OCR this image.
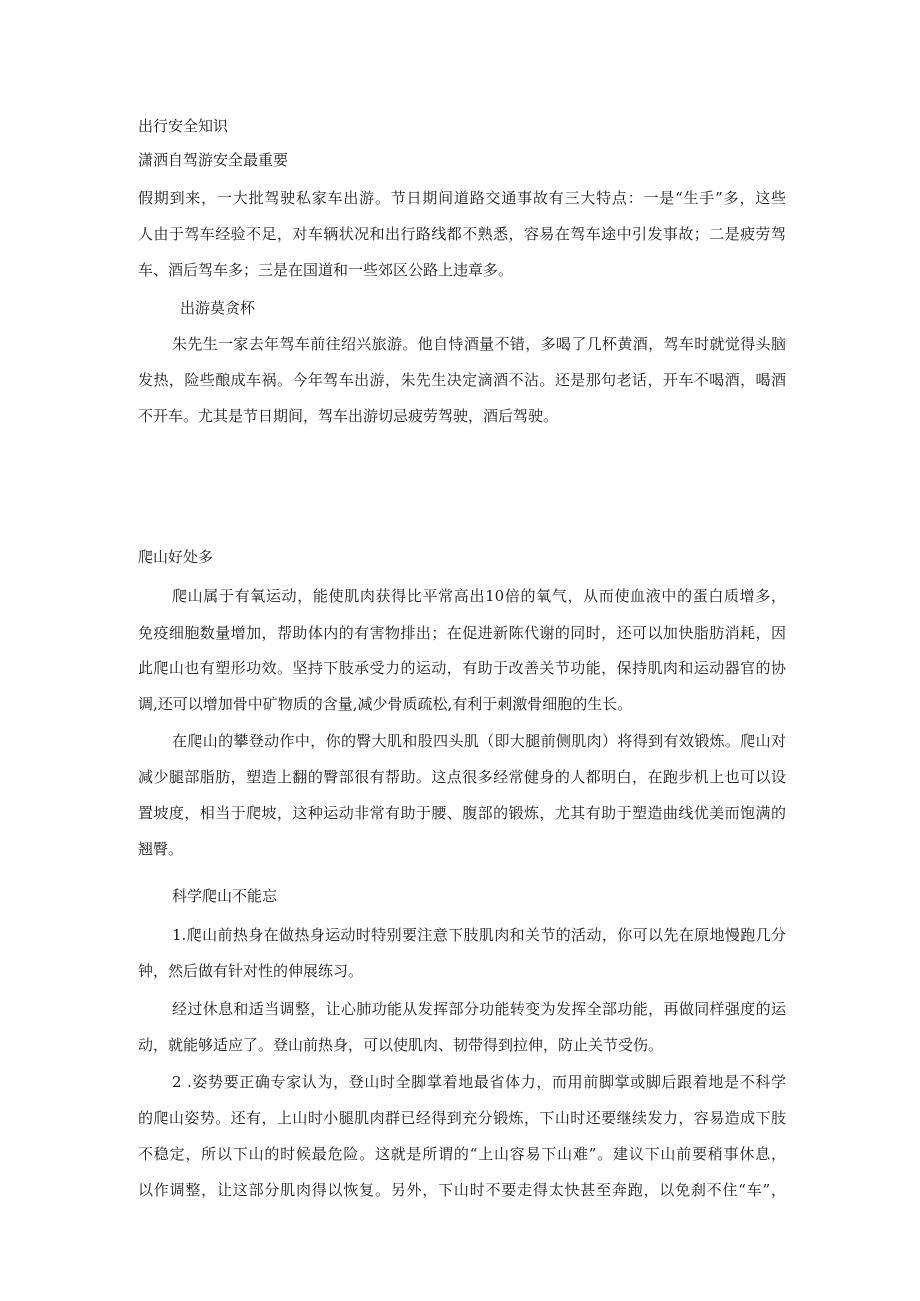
出行安全知识
潇洒自驾游安全最重要
假期到来，一大批驾驶私家车出游。节日期间道路交通事故有三大特点：一是“生手”多，这些
人由于驾车经验不足，对车辆状况和出行路线都不熟悉，容易在驾车途中引发事故；二是疲劳驾
车、酒后驾车多；三是在国道和一些郊区公路上违章多。
出游莫贪杯
朱先生一家去年驾车前往绍兴旅游。他自恃酒量不错，多喝了几杯黄酒，驾车时就觉得头脑
发热，险些酿成车祸。今年驾车出游，朱先生决定滴酒不沾。还是那句老话，开车不喝酒，喝酒
不开车。尤其是节日期间，驾车出游切忌疲劳驾驶，酒后驾驶。
爬山好处多
爬山属于有氧运动，能使肌肉获得比平常高出10倍的氧气，从而使血液中的蛋白质增多，
免疫细胞数量增加，帮助体内的有害物排出；在促进新陈代谢的同时，还可以加快脂肪消耗，因
此爬山也有塑形功效。坚持下肢承受力的运动，有助于改善关节功能，保持肌肉和运动器官的协
调,还可以增加骨中矿物质的含量,减少骨质疏松,有利于刺激骨细胞的生长。
在爬山的攀登动作中，你的臀大肌和股四头肌（即大腿前侧肌肉）将得到有效锻炼。爬山对
减少腿部脂肪，塑造上翻的臀部很有帮助。这点很多经常健身的人都明白，在跑步机上也可以设
置坡度，相当于爬坡，这种运动非常有助于腰、腹部的锻炼，尤其有助于塑造曲线优美而饱满的
翘臀。
科学爬山不能忘
1.爬山前热身在做热身运动时特别要注意下肢肌肉和关节的活动，你可以先在原地慢跑几分
钟，然后做有针对性的伸展练习。
经过休息和适当调整，让心肺功能从发挥部分功能转变为发挥全部功能，再做同样强度的运
动，就能够适应了。登山前热身，可以使肌肉、韧带得到拉伸，防止关节受伤。
2 .姿势要正确专家认为，登山时全脚掌着地最省体力，而用前脚掌或脚后跟着地是不科学
的爬山姿势。还有，上山时小腿肌肉群已经得到充分锻炼，下山时还要继续发力，容易造成下肢
不稳定，所以下山的时候最危险。这就是所谓的“上山容易下山难”。建议下山前要稍事休息，
以作调整，让这部分肌肉得以恢复。另外，下山时不要走得太快甚至奔跑，以免刹不住“车”，
